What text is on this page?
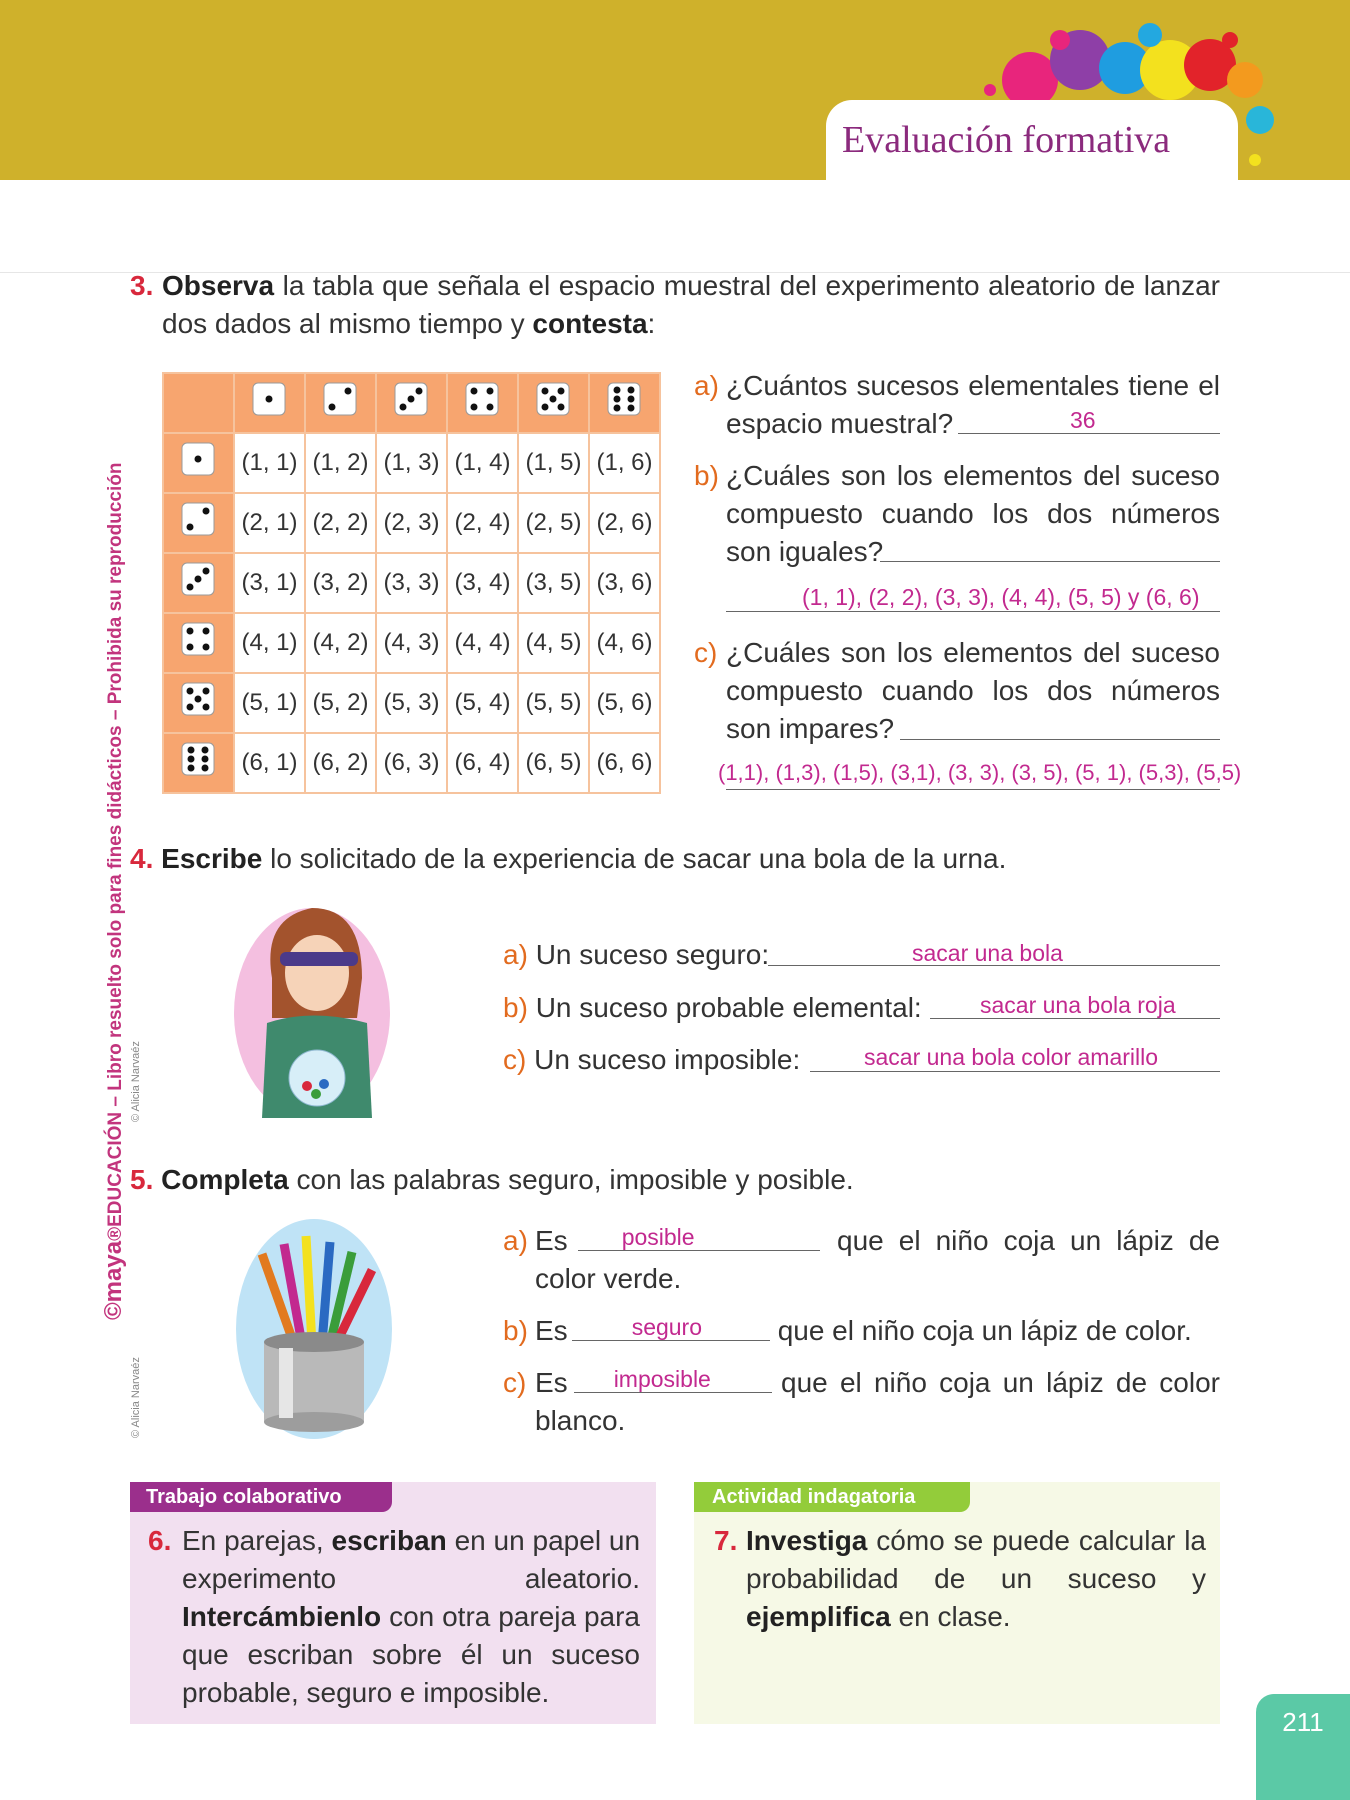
Evaluación formativa
©maya®EDUCACIÓN – Libro resuelto solo para fines didácticos – Prohibida su reproducción © Alicia Narvaéz
© Alicia Narvaéz
3. Observa la tabla que señala el espacio muestral del experimento aleatorio de lanzar dos dados al mismo tiempo y contesta:

	(1, 1)	(1, 2)	(1, 3)	(1, 4)	(1, 5)	(1, 6)
	(2, 1)	(2, 2)	(2, 3)	(2, 4)	(2, 5)	(2, 6)
	(3, 1)	(3, 2)	(3, 3)	(3, 4)	(3, 5)	(3, 6)
	(4, 1)	(4, 2)	(4, 3)	(4, 4)	(4, 5)	(4, 6)
	(5, 1)	(5, 2)	(5, 3)	(5, 4)	(5, 5)	(5, 6)
	(6, 1)	(6, 2)	(6, 3)	(6, 4)	(6, 5)	(6, 6)
a) ¿Cuántos sucesos elementales tiene el espacio muestral?	36
b) ¿Cuáles son los elementos del suceso compuesto cuando los dos números son iguales?
(1, 1), (2, 2), (3, 3), (4, 4), (5, 5) y (6, 6)
c) ¿Cuáles son los elementos del suceso compuesto cuando los dos números son impares?
(1,1), (1,3), (1,5), (3,1), (3, 3), (3, 5), (5, 1), (5,3), (5,5)
4. Escribe lo solicitado de la experiencia de sacar una bola de la urna.
a) Un suceso seguro:	sacar una bola
b) Un suceso probable elemental:	sacar una bola roja
c) Un suceso imposible:	sacar una bola color amarillo
5. Completa con las palabras seguro, imposible y posible.
a) Es posible	que el niño coja un lápiz de color verde.
b) Es	seguro	que el niño coja un lápiz de color.
c) Es imposible	que el niño coja un lápiz de color blanco.
Trabajo colaborativo
6. En parejas, escriban en un papel un experimento aleatorio. Intercámbienlo con otra pareja para que escriban sobre él un suceso probable, seguro e imposible.
Actividad indagatoria
7. Investiga cómo se puede calcular la probabilidad de un suceso y ejemplifica en clase.
211
